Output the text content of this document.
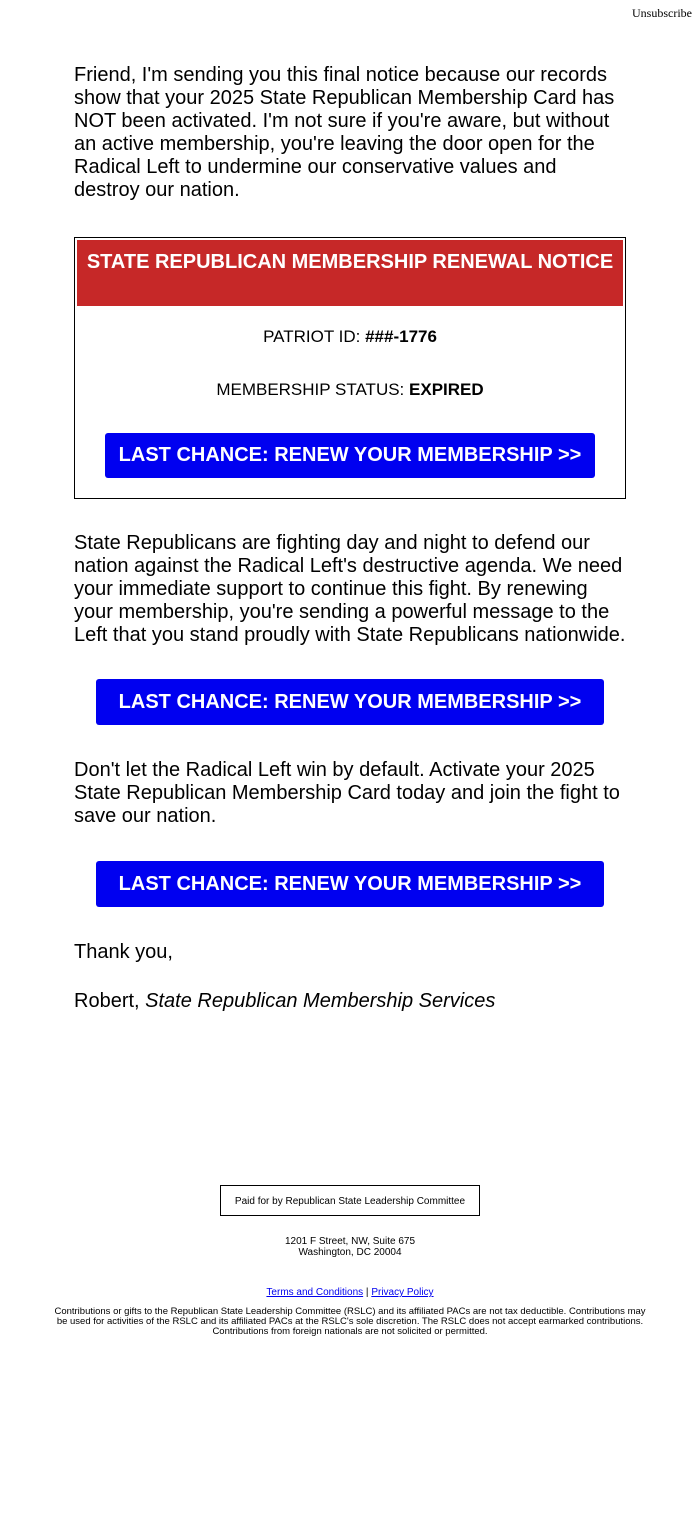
Unsubscribe

Friend, I'm sending you this final notice because our records show that your 2025 State Republican Membership Card has NOT been activated. I'm not sure if you're aware, but without an active membership, you're leaving the door open for the Radical Left to undermine our conservative values and destroy our nation.

STATE REPUBLICAN MEMBERSHIP RENEWAL NOTICE
PATRIOT ID: ###-1776
MEMBERSHIP STATUS: EXPIRED
LAST CHANCE: RENEW YOUR MEMBERSHIP >>

State Republicans are fighting day and night to defend our nation against the Radical Left's destructive agenda. We need your immediate support to continue this fight. By renewing your membership, you're sending a powerful message to the Left that you stand proudly with State Republicans nationwide.

LAST CHANCE: RENEW YOUR MEMBERSHIP >>

Don't let the Radical Left win by default. Activate your 2025 State Republican Membership Card today and join the fight to save our nation.

LAST CHANCE: RENEW YOUR MEMBERSHIP >>

Thank you,

Robert, State Republican Membership Services

Paid for by Republican State Leadership Committee
1201 F Street, NW, Suite 675
Washington, DC 20004
Terms and Conditions | Privacy Policy
Contributions or gifts to the Republican State Leadership Committee (RSLC) and its affiliated PACs are not tax deductible. Contributions may be used for activities of the RSLC and its affiliated PACs at the RSLC's sole discretion. The RSLC does not accept earmarked contributions. Contributions from foreign nationals are not solicited or permitted.
